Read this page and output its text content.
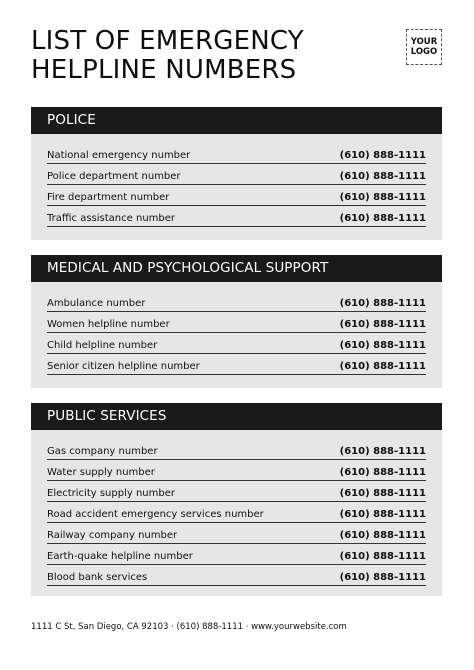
LIST OF EMERGENCY
HELPLINE NUMBERS
YOUR
LOGO
POLICE
National emergency number	(610) 888-1111
Police department number	(610) 888-1111
Fire department number	(610) 888-1111
Traffic assistance number	(610) 888-1111
MEDICAL AND PSYCHOLOGICAL SUPPORT
Ambulance number	(610) 888-1111
Women helpline number	(610) 888-1111
Child helpline number	(610) 888-1111
Senior citizen helpline number	(610) 888-1111
PUBLIC SERVICES
Gas company number	(610) 888-1111
Water supply number	(610) 888-1111
Electricity supply number	(610) 888-1111
Road accident emergency services number	(610) 888-1111
Railway company number	(610) 888-1111
Earth-quake helpline number	(610) 888-1111
Blood bank services	(610) 888-1111
1111 C St, San Diego, CA 92103 · (610) 888-1111 · www.yourwebsite.com
